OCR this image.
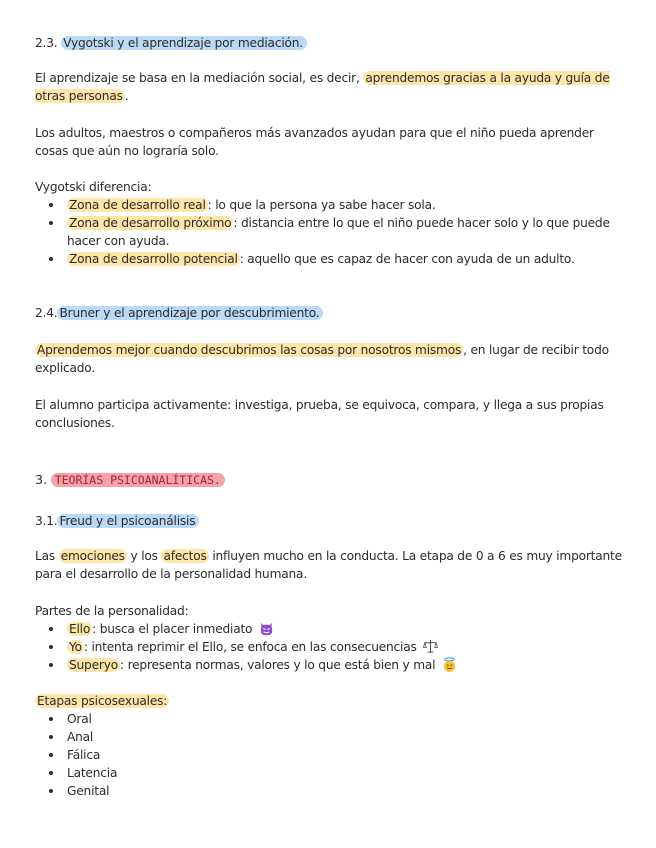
2.3. Vygotski y el aprendizaje por mediación.

El aprendizaje se basa en la mediación social, es decir, aprendemos gracias a la ayuda y guía de otras personas .

Los adultos, maestros o compañeros más avanzados ayudan para que el niño pueda aprender cosas que aún no lograría solo.

Vygotski diferencia:

Zona de desarrollo real : lo que la persona ya sabe hacer sola.
Zona de desarrollo próximo : distancia entre lo que el niño puede hacer solo y lo que puede hacer con ayuda.
Zona de desarrollo potencial : aquello que es capaz de hacer con ayuda de un adulto.
2.4. Bruner y el aprendizaje por descubrimiento.

Aprendemos mejor cuando descubrimos las cosas por nosotros mismos , en lugar de recibir todo explicado.

El alumno participa activamente: investiga, prueba, se equivoca, compara, y llega a sus propias conclusiones.

3. TEORÍAS PSICOANALÍTICAS.
3.1. Freud y el psicoanálisis

Las emociones y los afectos influyen mucho en la conducta. La etapa de 0 a 6 es muy importante para el desarrollo de la personalidad humana.

Partes de la personalidad:

Ello : busca el placer inmediato
Yo : intenta reprimir el Ello, se enfoca en las consecuencias
Superyo : representa normas, valores y lo que está bien y mal

Etapas psicosexuales:

Oral
Anal
Fálica
Latencia
Genital
